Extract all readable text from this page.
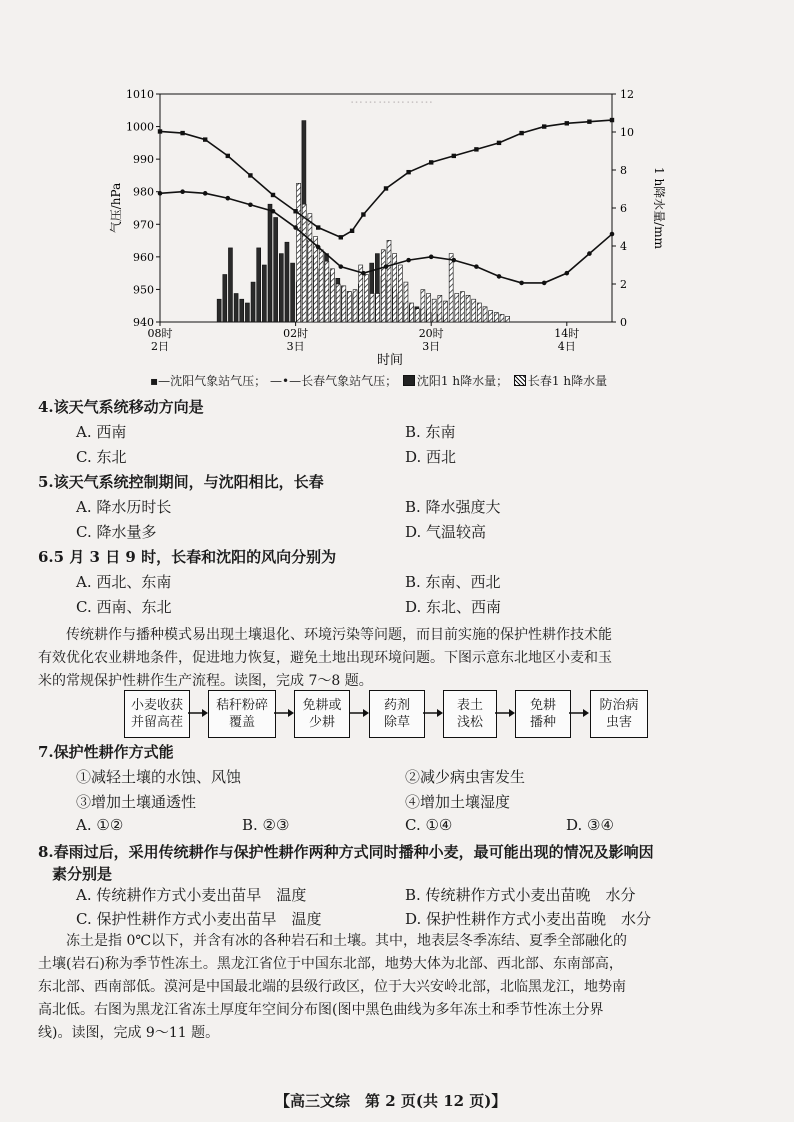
………………
940
950
960
970
980
990
1000
1010
0
2
4
6
8
10
12
08时
2日
02时
3日
20时
3日
14时
4日
气压/hPa	1 h降水量/mm
时间
▪—沈阳气象站气压； —•—长春气象站气压； 沈阳1 h降水量； 长春1 h降水量
4.该天气系统移动方向是
A. 西南	B. 东南
C. 东北	D. 西北
5.该天气系统控制期间，与沈阳相比，长春
A. 降水历时长	B. 降水强度大
C. 降水量多	D. 气温较高
6.5 月 3 日 9 时，长春和沈阳的风向分别为
A. 西北、东南	B. 东南、西北
C. 西南、东北	D. 东北、西南
传统耕作与播种模式易出现土壤退化、环境污染等问题，而目前实施的保护性耕作技术能
有效优化农业耕地条件，促进地力恢复，避免土地出现环境问题。下图示意东北地区小麦和玉
米的常规保护性耕作生产流程。读图，完成 7～8 题。
小麦收获
并留高茬
秸秆粉碎
覆盖
免耕或
少耕
药剂
除草
表土
浅松
免耕
播种
防治病
虫害
7.保护性耕作方式能
①减轻土壤的水蚀、风蚀	②减少病虫害发生
③增加土壤通透性	④增加土壤湿度
A. ①②	B. ②③	C. ①④	D. ③④
8.春雨过后，采用传统耕作与保护性耕作两种方式同时播种小麦，最可能出现的情况及影响因
素分别是
A. 传统耕作方式小麦出苗早　温度	B. 传统耕作方式小麦出苗晚　水分
C. 保护性耕作方式小麦出苗早　温度	D. 保护性耕作方式小麦出苗晚　水分
冻土是指 0℃以下，并含有冰的各种岩石和土壤。其中，地表层冬季冻结、夏季全部融化的
土壤(岩石)称为季节性冻土。黑龙江省位于中国东北部，地势大体为北部、西北部、东南部高，
东北部、西南部低。漠河是中国最北端的县级行政区，位于大兴安岭北部，北临黑龙江，地势南
高北低。右图为黑龙江省冻土厚度年空间分布图(图中黑色曲线为多年冻土和季节性冻土分界
线)。读图，完成 9～11 题。
【高三文综　第 2 页(共 12 页)】
